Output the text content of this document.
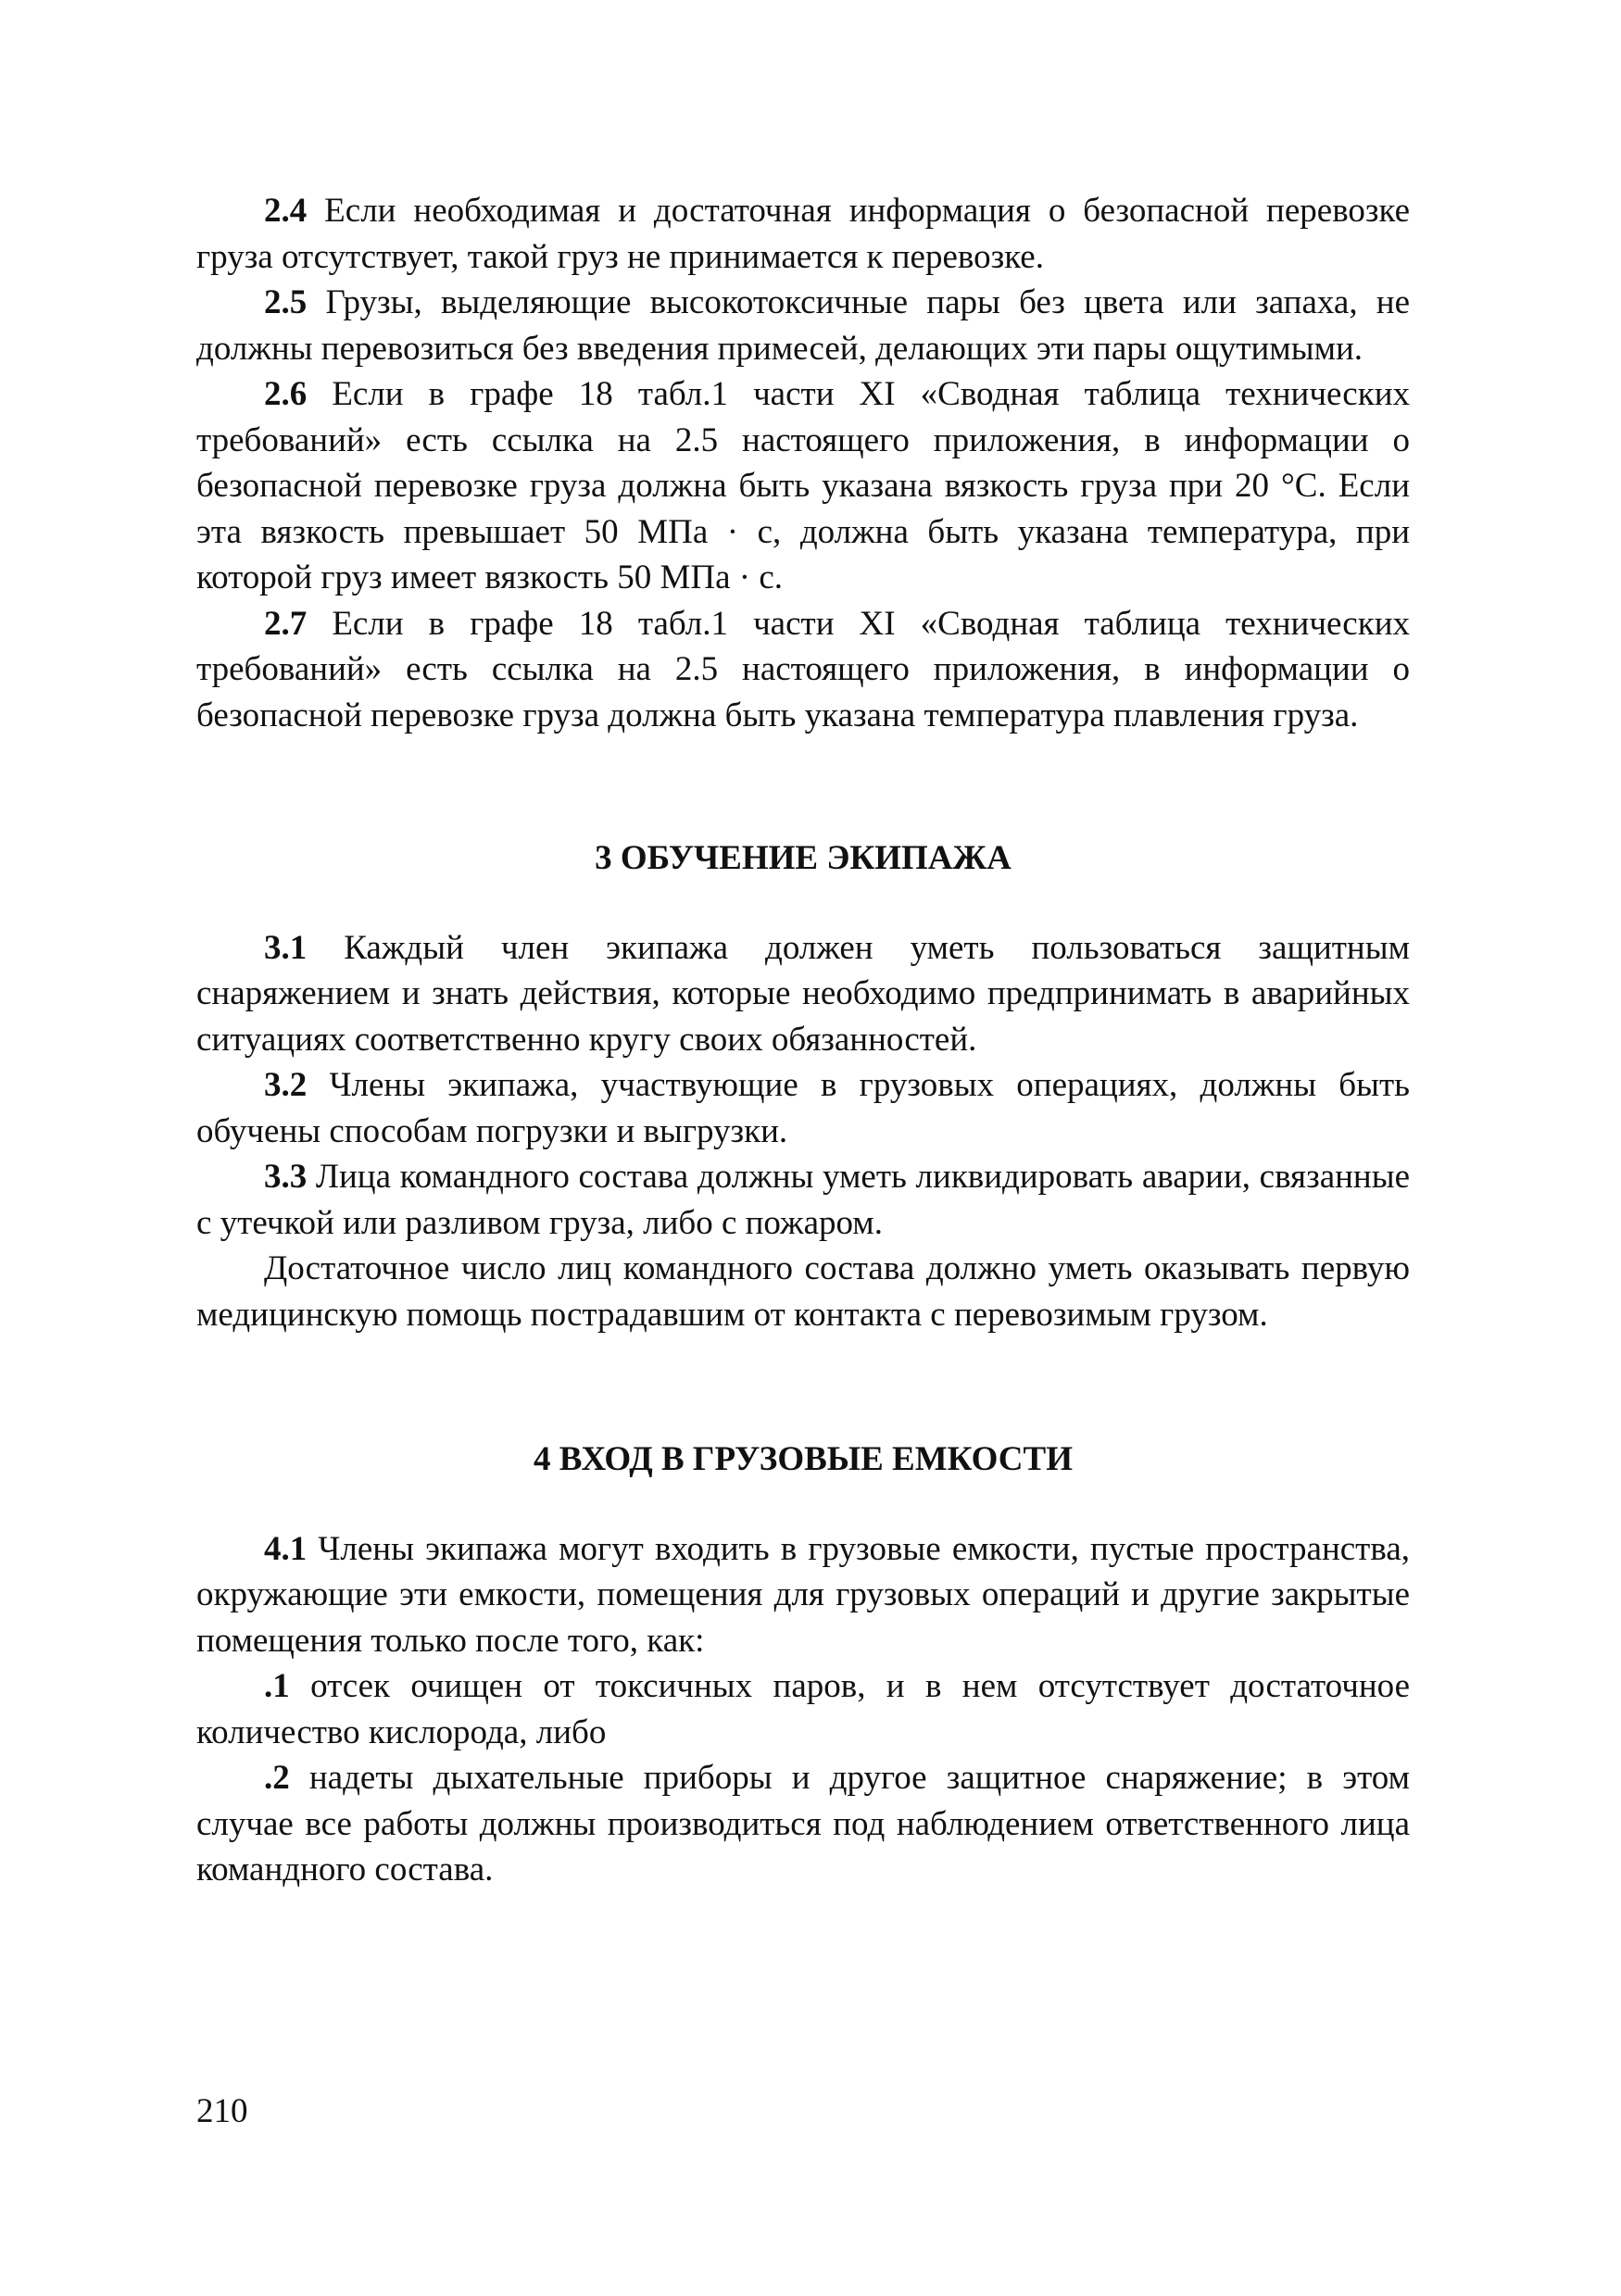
2.4 Если необходимая и достаточная информация о безопасной перевозке груза отсутствует, такой груз не принимается к перевозке.

2.5 Грузы, выделяющие высокотоксичные пары без цвета или запаха, не должны перевозиться без введения примесей, делающих эти пары ощутимыми.

2.6 Если в графе 18 табл.1 части XI «Сводная таблица технических требований» есть ссылка на 2.5 настоящего приложения, в информации о безопасной перевозке груза должна быть указана вязкость груза при 20 °C. Если эта вязкость превышает 50 МПа · с, должна быть указана температура, при которой груз имеет вязкость 50 МПа · с.

2.7 Если в графе 18 табл.1 части XI «Сводная таблица технических требований» есть ссылка на 2.5 настоящего приложения, в информации о безопасной перевозке груза должна быть указана температура плавления груза.

3 ОБУЧЕНИЕ ЭКИПАЖА

3.1 Каждый член экипажа должен уметь пользоваться защитным снаряжением и знать действия, которые необходимо предпринимать в аварийных ситуациях соответственно кругу своих обязанностей.

3.2 Члены экипажа, участвующие в грузовых операциях, должны быть обучены способам погрузки и выгрузки.

3.3 Лица командного состава должны уметь ликвидировать аварии, связанные с утечкой или разливом груза, либо с пожаром.

Достаточное число лиц командного состава должно уметь оказывать первую медицинскую помощь пострадавшим от контакта с перевозимым грузом.

4 ВХОД В ГРУЗОВЫЕ ЕМКОСТИ

4.1 Члены экипажа могут входить в грузовые емкости, пустые пространства, окружающие эти емкости, помещения для грузовых операций и другие закрытые помещения только после того, как:

.1 отсек очищен от токсичных паров, и в нем отсутствует достаточное количество кислорода, либо

.2 надеты дыхательные приборы и другое защитное снаряжение; в этом случае все работы должны производиться под наблюдением ответственного лица командного состава.

210
